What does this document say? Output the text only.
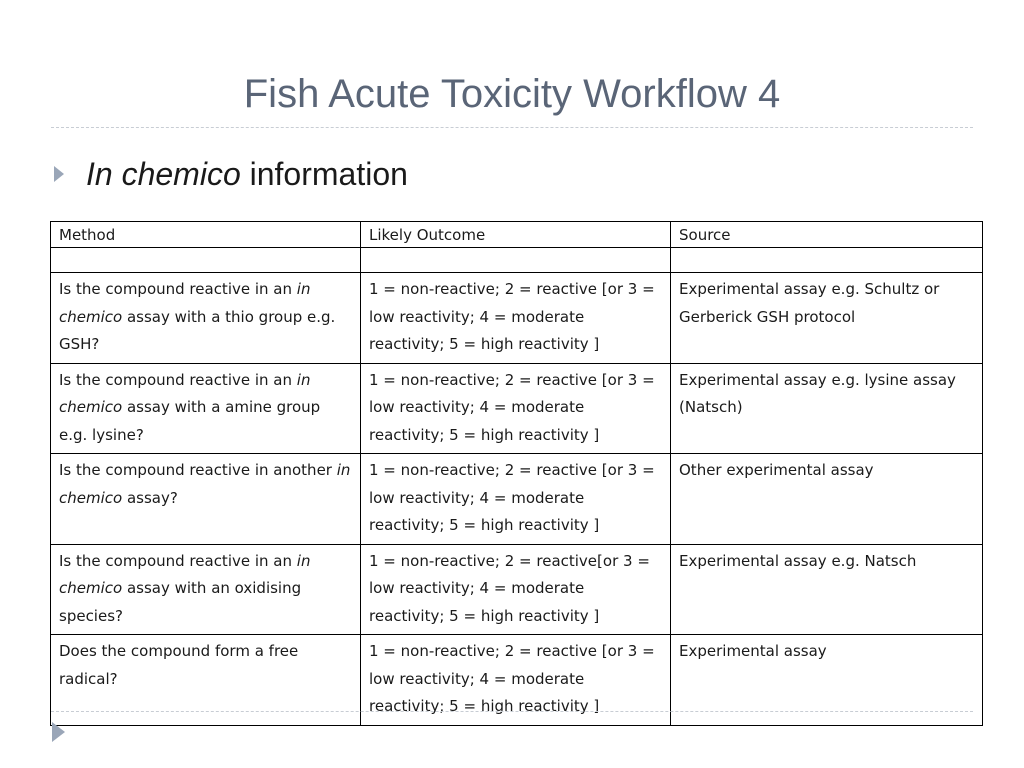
Fish Acute Toxicity Workflow 4
In chemico information
Method	Likely Outcome	Source

Is the compound reactive in an in chemico assay with a thio group e.g. GSH?	1 = non-reactive; 2 = reactive [or 3 = low reactivity; 4 = moderate reactivity; 5 = high reactivity ]	Experimental assay e.g. Schultz or Gerberick GSH protocol
Is the compound reactive in an in chemico assay with a amine group e.g. lysine?	1 = non-reactive; 2 = reactive [or 3 = low reactivity; 4 = moderate reactivity; 5 = high reactivity ]	Experimental assay e.g. lysine assay (Natsch)
Is the compound reactive in another in chemico assay?	1 = non-reactive; 2 = reactive [or 3 = low reactivity; 4 = moderate reactivity; 5 = high reactivity ]	Other experimental assay
Is the compound reactive in an in chemico assay with an oxidising species?	1 = non-reactive; 2 = reactive[or 3 = low reactivity; 4 = moderate reactivity; 5 = high reactivity ]	Experimental assay e.g. Natsch
Does the compound form a free radical?	1 = non-reactive; 2 = reactive [or 3 = low reactivity; 4 = moderate reactivity; 5 = high reactivity ]	Experimental assay
